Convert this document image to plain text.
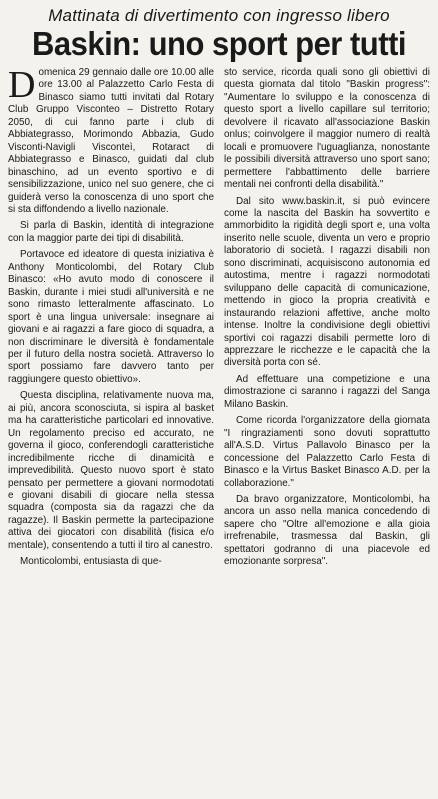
Mattinata di divertimento con ingresso libero

Baskin: uno sport per tutti

Domenica 29 gennaio dalle ore 10.00 alle ore 13.00 al Palazzetto Carlo Festa di Binasco siamo tutti invitati dal Rotary Club Gruppo Visconteo – Distretto Rotary 2050, di cui fanno parte i club di Abbiategrasso, Morimondo Abbazia, Gudo Visconti-Navigli Visconteì, Rotaract di Abbiategrasso e Binasco, guidati dal club binaschino, ad un evento sportivo e di sensibilizzazione, unico nel suo genere, che ci guiderà verso la conoscenza di uno sport che si sta diffondendo a livello nazionale.

Si parla di Baskin, identità di integrazione con la maggior parte dei tipi di disabilità.

Portavoce ed ideatore di questa iniziativa è Anthony Monticolombi, del Rotary Club Binasco: «Ho avuto modo di conoscere il Baskin, durante i miei studi all'università e ne sono rimasto letteralmente affascinato. Lo sport è una lingua universale: insegnare ai giovani e ai ragazzi a fare gioco di squadra, a non discriminare le diversità è fondamentale per il futuro della nostra società. Attraverso lo sport possiamo fare davvero tanto per raggiungere questo obiettivo».

Questa disciplina, relativamente nuova ma, ai più, ancora sconosciuta, si ispira al basket ma ha caratteristiche particolari ed innovative. Un regolamento preciso ed accurato, ne governa il gioco, conferendogli caratteristiche incredibilmente ricche di dinamicità e imprevedibilità. Questo nuovo sport è stato pensato per permettere a giovani normodotati e giovani disabili di giocare nella stessa squadra (composta sia da ragazzi che da ragazze). Il Baskin permette la partecipazione attiva dei giocatori con disabilità (fisica e/o mentale), consentendo a tutti il tiro al canestro.

Monticolombi, entusiasta di que-

sto service, ricorda quali sono gli obiettivi di questa giornata dal titolo "Baskin progress": "Aumentare lo sviluppo e la conoscenza di questo sport a livello capillare sul territorio; devolvere il ricavato all'associazione Baskin onlus; coinvolgere il maggior numero di realtà locali e promuovere l'uguaglianza, nonostante le possibili diversità attraverso uno sport sano; permettere l'abbattimento delle barriere mentali nei confronti della disabilità."

Dal sito www.baskin.it, si può evincere come la nascita del Baskin ha sovvertito e ammorbidito la rigidità degli sport e, una volta inserito nelle scuole, diventa un vero e proprio laboratorio di società. I ragazzi disabili non sono discriminati, acquisiscono autonomia ed autostima, mentre i ragazzi normodotati sviluppano delle capacità di comunicazione, mettendo in gioco la propria creatività e instaurando relazioni affettive, anche molto intense. Inoltre la condivisione degli obiettivi sportivi coi ragazzi disabili permette loro di apprezzare le ricchezze e le capacità che la diversità porta con sé.

Ad effettuare una competizione e una dimostrazione ci saranno i ragazzi del Sanga Milano Baskin.

Come ricorda l'organizzatore della giornata "I ringraziamenti sono dovuti soprattutto all'A.S.D. Virtus Pallavolo Binasco per la concessione del Palazzetto Carlo Festa di Binasco e la Virtus Basket Binasco A.D. per la collaborazione."

Da bravo organizzatore, Monticolombi, ha ancora un asso nella manica concedendo di sapere cho "Oltre all'emozione e alla gioia irrefrenabile, trasmessa dal Baskin, gli spettatori godranno di una piacevole ed emozionante sorpresa".
